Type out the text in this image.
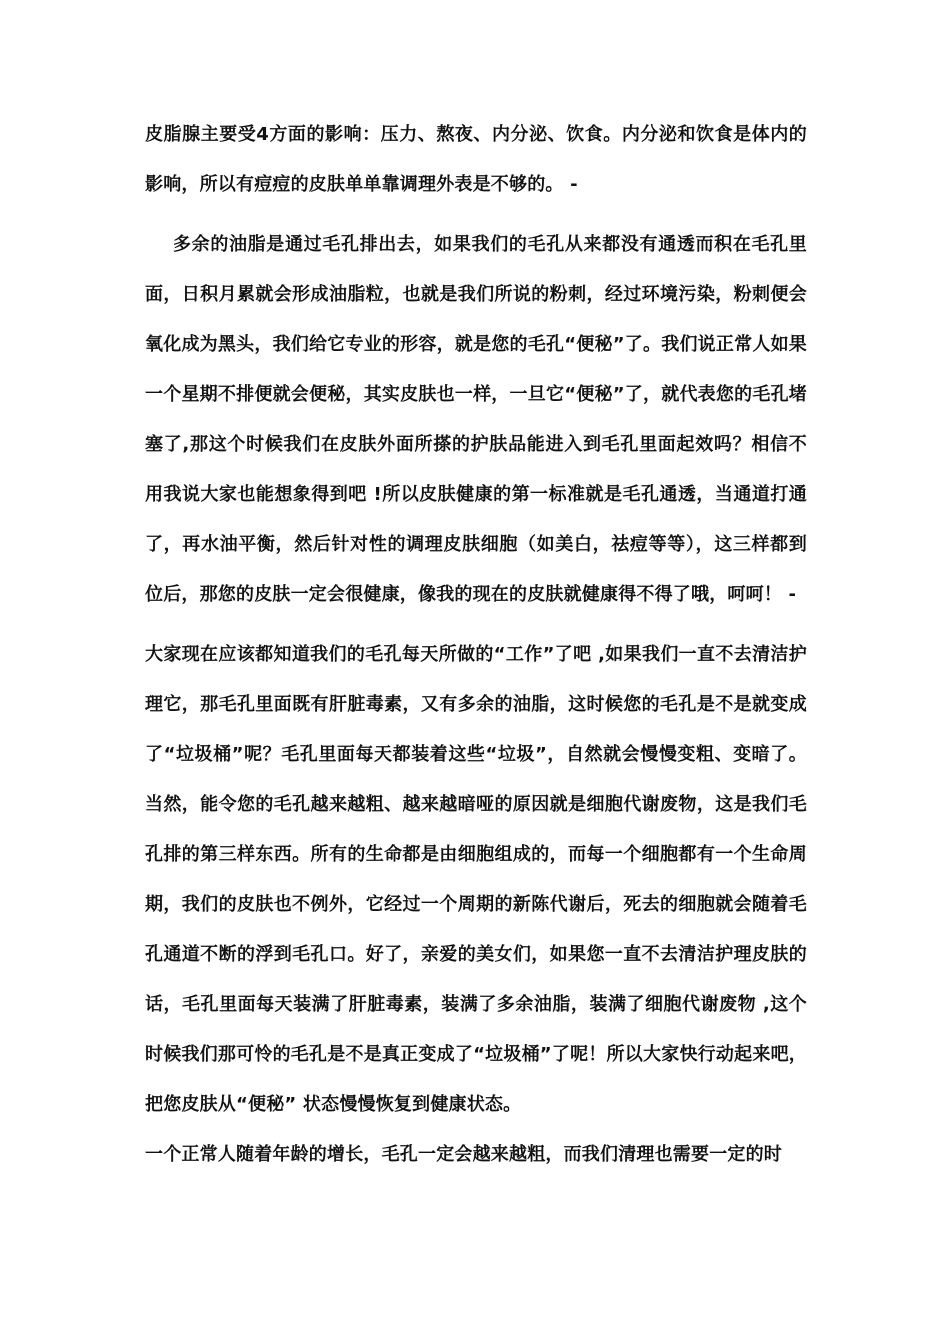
皮脂腺主要受4方面的影响：压力、熬夜、内分泌、饮食。内分泌和饮食是体内的影响，所以有痘痘的皮肤单单靠调理外表是不够的。 -

多余的油脂是通过毛孔排出去，如果我们的毛孔从来都没有通透而积在毛孔里面，日积月累就会形成油脂粒，也就是我们所说的粉刺，经过环境污染，粉刺便会氧化成为黑头，我们给它专业的形容，就是您的毛孔“便秘”了。我们说正常人如果一个星期不排便就会便秘，其实皮肤也一样，一旦它“便秘”了，就代表您的毛孔堵塞了,那这个时候我们在皮肤外面所搽的护肤品能进入到毛孔里面起效吗？相信不用我说大家也能想象得到吧 !所以皮肤健康的第一标准就是毛孔通透，当通道打通了，再水油平衡，然后针对性的调理皮肤细胞（如美白，祛痘等等），这三样都到位后，那您的皮肤一定会很健康，像我的现在的皮肤就健康得不得了哦，呵呵！ -

大家现在应该都知道我们的毛孔每天所做的“工作”了吧 ,如果我们一直不去清洁护理它，那毛孔里面既有肝脏毒素，又有多余的油脂，这时候您的毛孔是不是就变成了“垃圾桶”呢？毛孔里面每天都装着这些“垃圾”，自然就会慢慢变粗、变暗了。当然，能令您的毛孔越来越粗、越来越暗哑的原因就是细胞代谢废物，这是我们毛孔排的第三样东西。所有的生命都是由细胞组成的，而每一个细胞都有一个生命周期，我们的皮肤也不例外，它经过一个周期的新陈代谢后，死去的细胞就会随着毛孔通道不断的浮到毛孔口。好了，亲爱的美女们，如果您一直不去清洁护理皮肤的话，毛孔里面每天装满了肝脏毒素，装满了多余油脂，装满了细胞代谢废物 ,这个时候我们那可怜的毛孔是不是真正变成了“垃圾桶”了呢！所以大家快行动起来吧，把您皮肤从“便秘” 状态慢慢恢复到健康状态。

一个正常人随着年龄的增长，毛孔一定会越来越粗，而我们清理也需要一定的时
